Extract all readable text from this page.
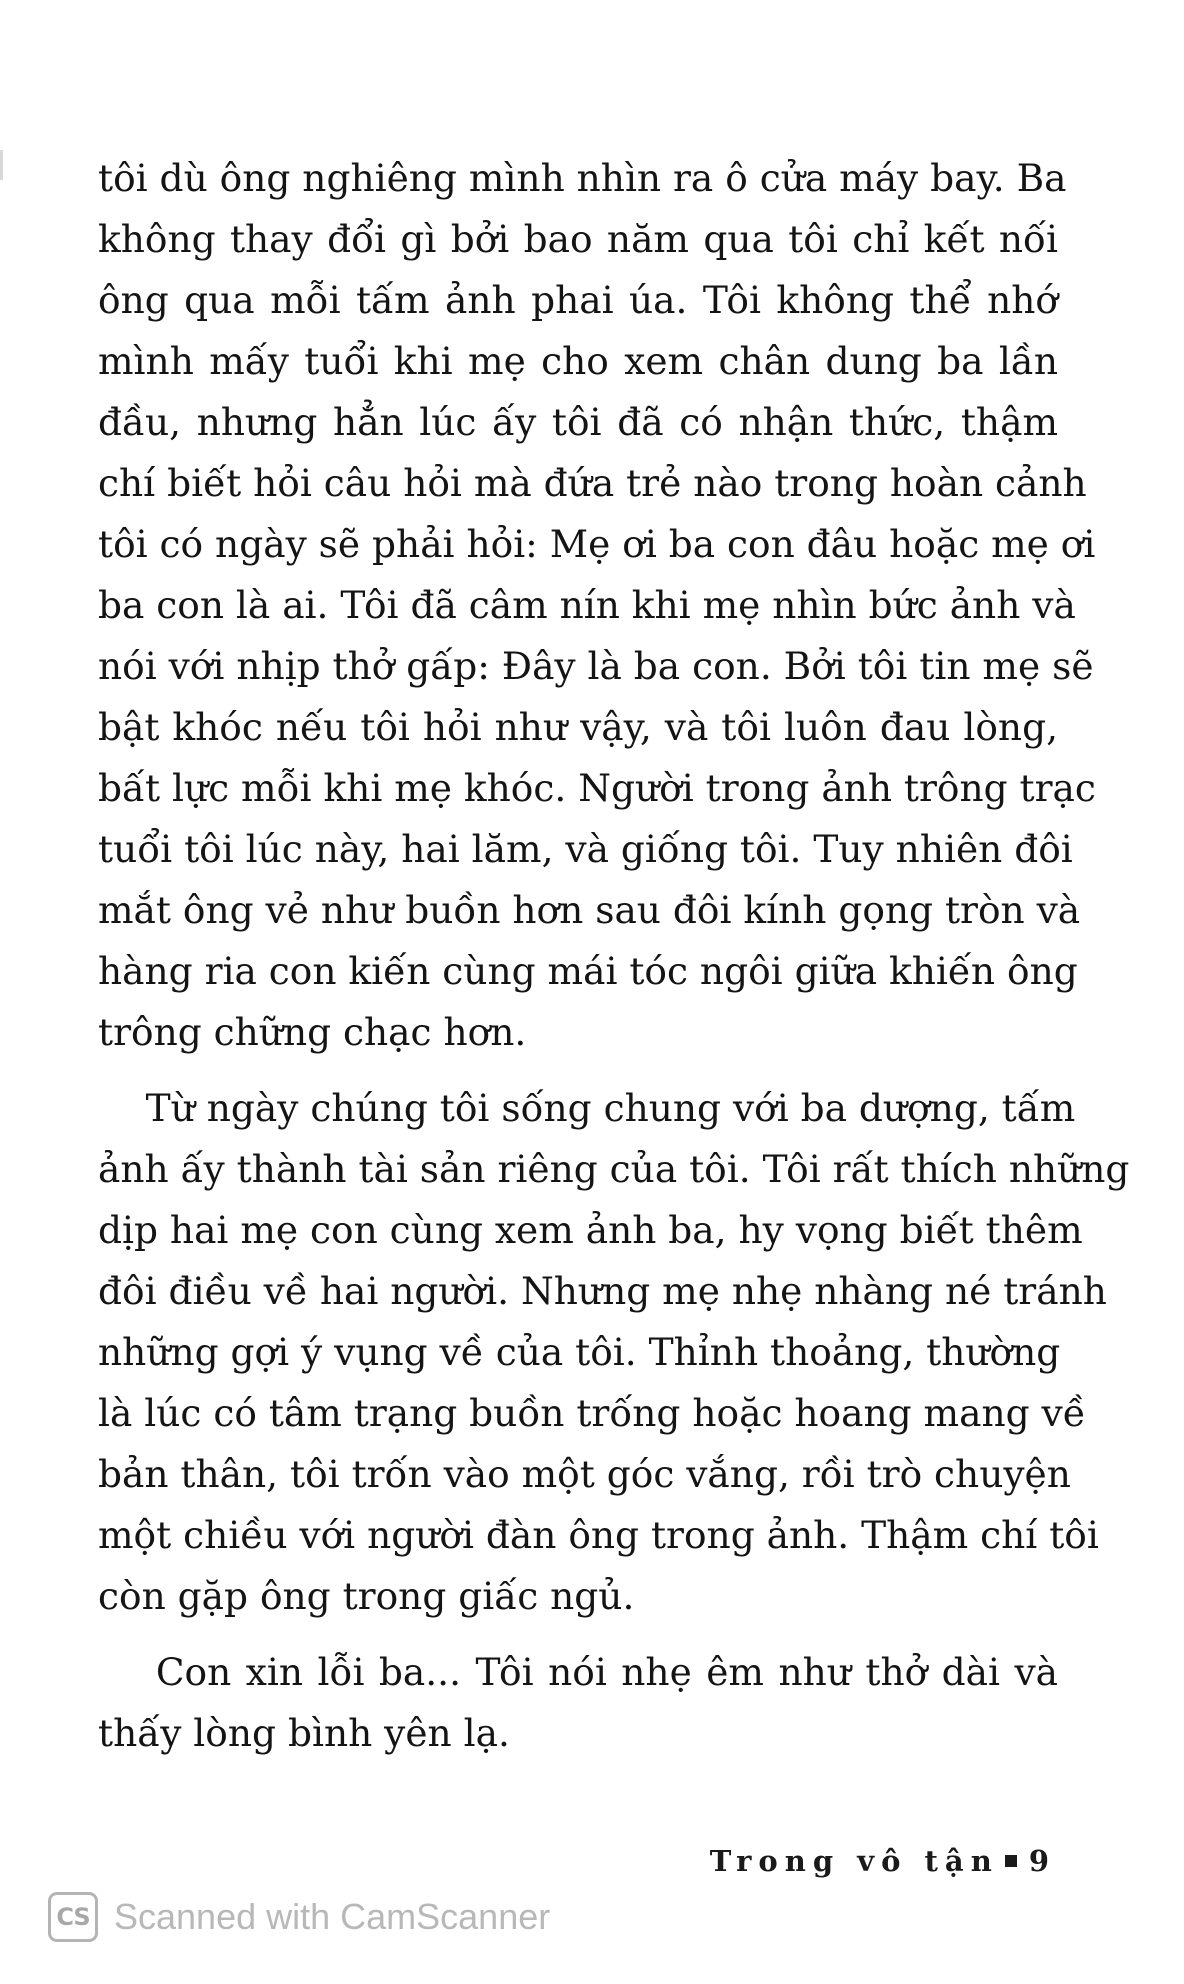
tôi dù ông nghiêng mình nhìn ra ô cửa máy bay. Ba
không thay đổi gì bởi bao năm qua tôi chỉ kết nối
ông qua mỗi tấm ảnh phai úa. Tôi không thể nhớ
mình mấy tuổi khi mẹ cho xem chân dung ba lần
đầu, nhưng hẳn lúc ấy tôi đã có nhận thức, thậm
chí biết hỏi câu hỏi mà đứa trẻ nào trong hoàn cảnh
tôi có ngày sẽ phải hỏi: Mẹ ơi ba con đâu hoặc mẹ ơi
ba con là ai. Tôi đã câm nín khi mẹ nhìn bức ảnh và
nói với nhịp thở gấp: Đây là ba con. Bởi tôi tin mẹ sẽ
bật khóc nếu tôi hỏi như vậy, và tôi luôn đau lòng,
bất lực mỗi khi mẹ khóc. Người trong ảnh trông trạc
tuổi tôi lúc này, hai lăm, và giống tôi. Tuy nhiên đôi
mắt ông vẻ như buồn hơn sau đôi kính gọng tròn và
hàng ria con kiến cùng mái tóc ngôi giữa khiến ông
trông chững chạc hơn.
Từ ngày chúng tôi sống chung với ba dượng, tấm
ảnh ấy thành tài sản riêng của tôi. Tôi rất thích những
dịp hai mẹ con cùng xem ảnh ba, hy vọng biết thêm
đôi điều về hai người. Nhưng mẹ nhẹ nhàng né tránh
những gợi ý vụng về của tôi. Thỉnh thoảng, thường
là lúc có tâm trạng buồn trống hoặc hoang mang về
bản thân, tôi trốn vào một góc vắng, rồi trò chuyện
một chiều với người đàn ông trong ảnh. Thậm chí tôi
còn gặp ông trong giấc ngủ.
Con xin lỗi ba... Tôi nói nhẹ êm như thở dài và
thấy lòng bình yên lạ.
Trong vô tận 9
CS Scanned with CamScanner
